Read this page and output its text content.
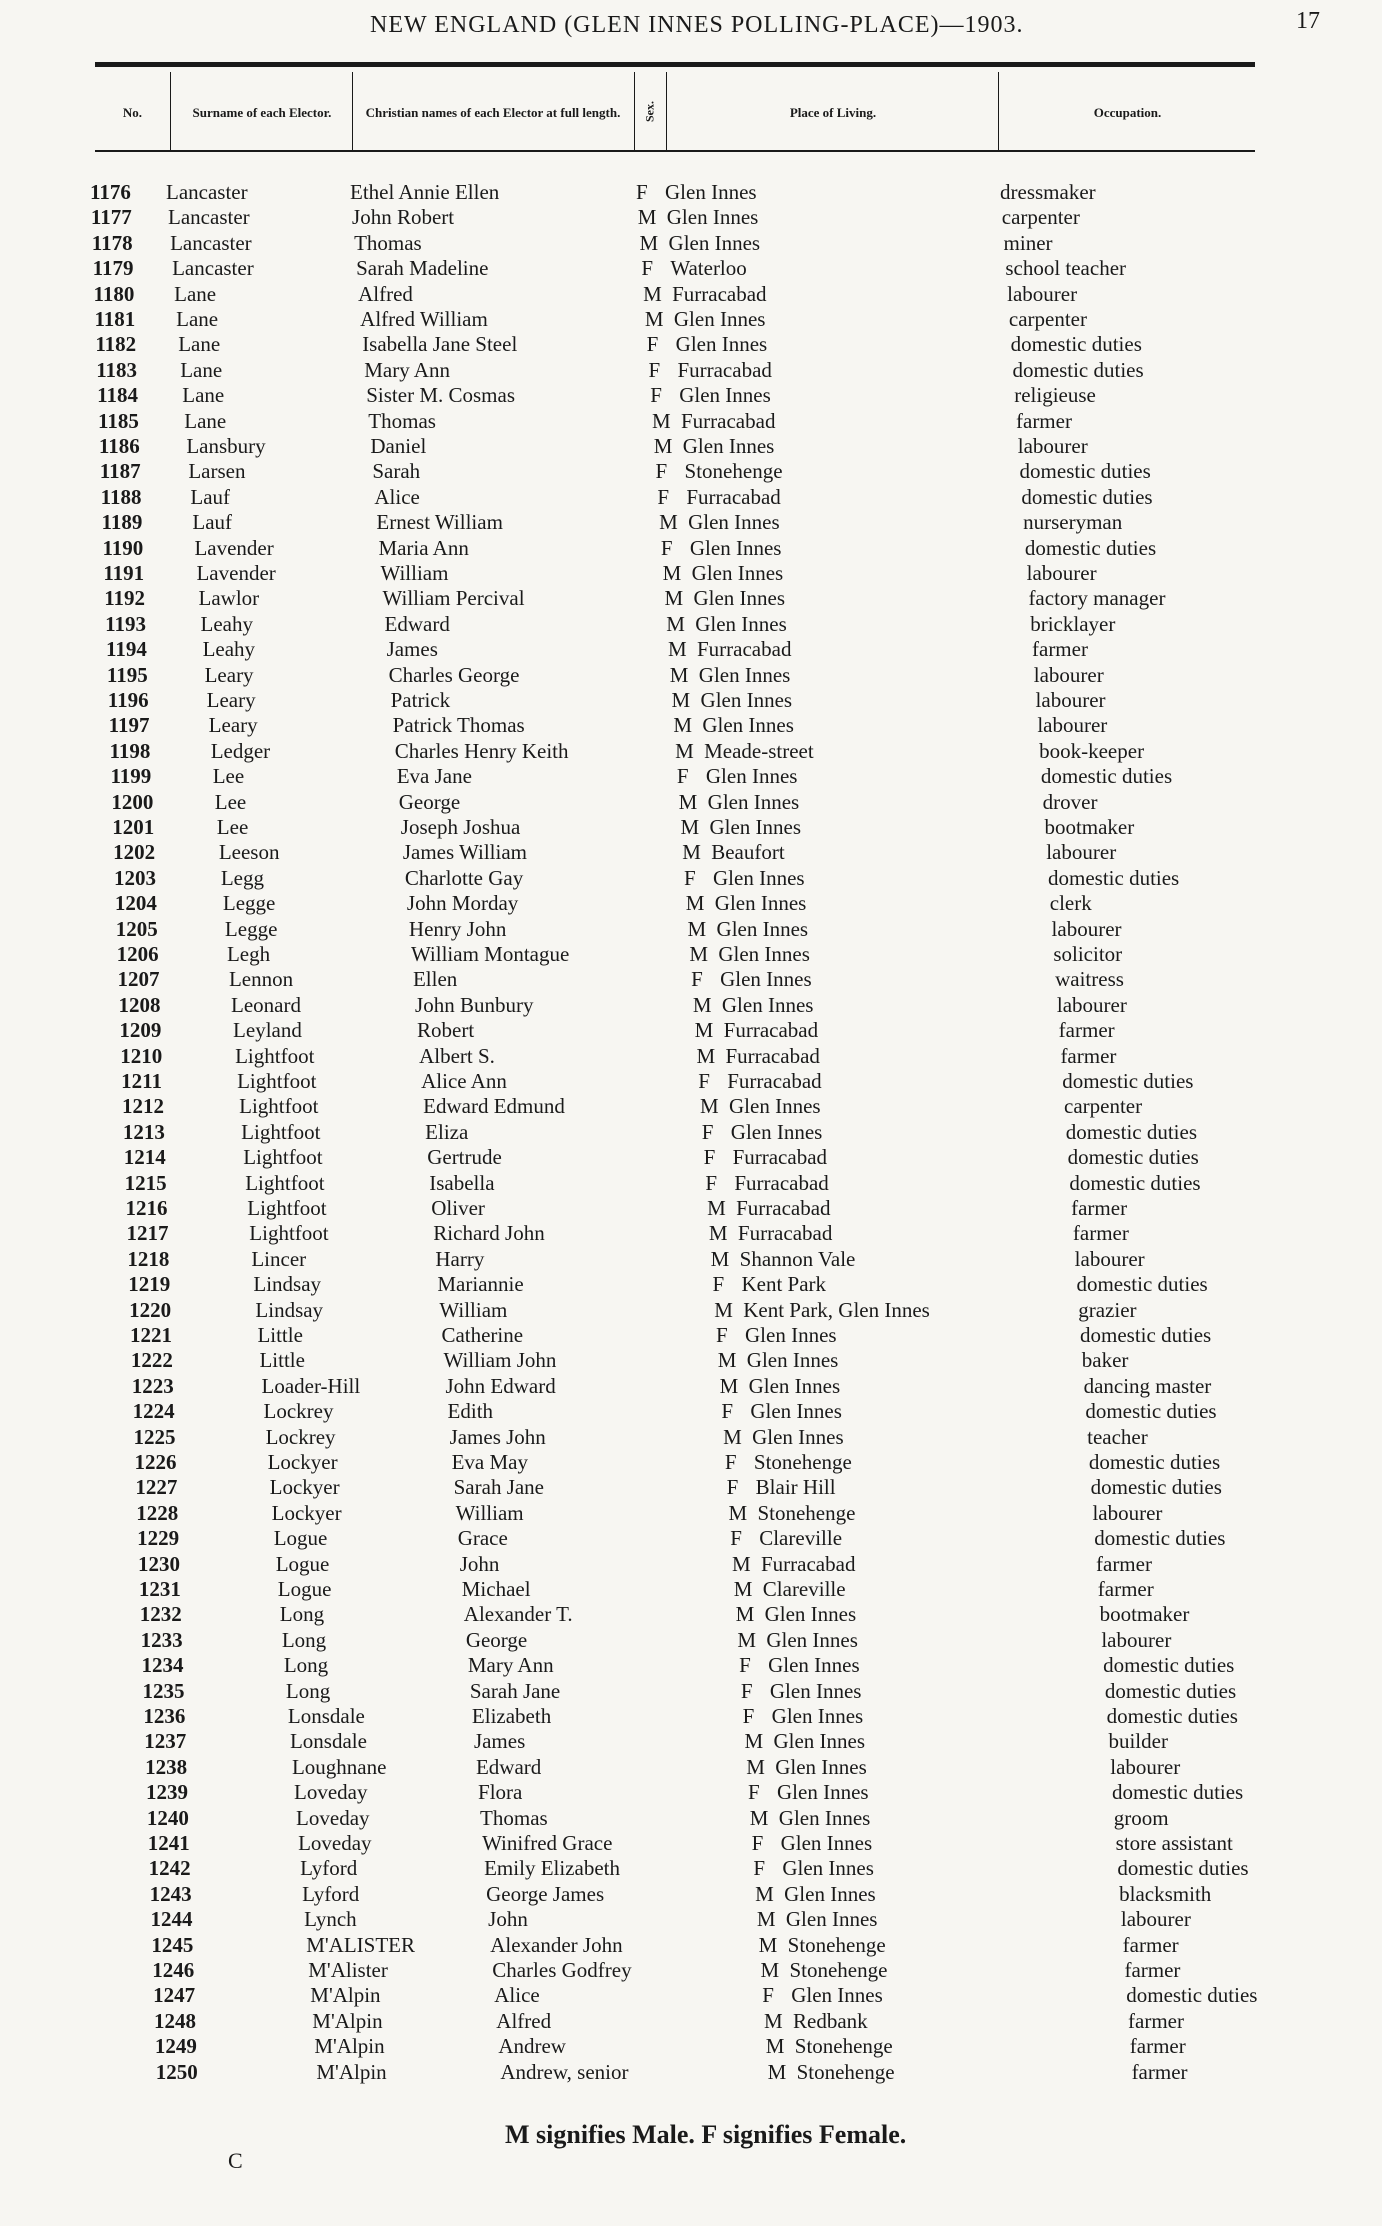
NEW ENGLAND (GLEN INNES POLLING-PLACE)—1903.	17
No.	Surname of each Elector.	Christian names of each Elector at full length.	Sex.	Place of Living.	Occupation.
1176 Lancaster	Ethel Annie Ellen	F Glen Innes	dressmaker
1177 Lancaster	John Robert	M Glen Innes	carpenter
1178 Lancaster	Thomas	M Glen Innes	miner
1179 Lancaster	Sarah Madeline	F Waterloo	school teacher
1180 Lane	Alfred	M Furracabad	labourer
1181 Lane	Alfred William	M Glen Innes	carpenter
1182 Lane	Isabella Jane Steel	F Glen Innes	domestic duties
1183 Lane	Mary Ann	F Furracabad	domestic duties
1184 Lane	Sister M. Cosmas	F Glen Innes	religieuse
1185 Lane	Thomas	M Furracabad	farmer
1186 Lansbury	Daniel	M Glen Innes	labourer
1187 Larsen	Sarah	F Stonehenge	domestic duties
1188 Lauf	Alice	F Furracabad	domestic duties
1189 Lauf	Ernest William	M Glen Innes	nurseryman
1190 Lavender	Maria Ann	F Glen Innes	domestic duties
1191 Lavender	William	M Glen Innes	labourer
1192	Lawlor	William Percival	M Glen Innes	factory manager
1193	Leahy	Edward	M Glen Innes	bricklayer
1194	Leahy	James	M Furracabad	farmer
1195	Leary	Charles George	M Glen Innes	labourer
1196	Leary	Patrick	M Glen Innes	labourer
1197	Leary	Patrick Thomas	M Glen Innes	labourer
1198	Ledger	Charles Henry Keith	M Meade-street	book-keeper
1199	Lee	Eva Jane	F Glen Innes	domestic duties
1200	Lee	George	M Glen Innes	drover
1201	Lee	Joseph Joshua	M Glen Innes	bootmaker
1202	Leeson	James William	M Beaufort	labourer
1203	Legg	Charlotte Gay	F Glen Innes	domestic duties
1204	Legge	John Morday	M Glen Innes	clerk
1205	Legge	Henry John	M Glen Innes	labourer
1206	Legh	William Montague	M Glen Innes	solicitor
1207	Lennon	Ellen	F Glen Innes	waitress
1208	Leonard	John Bunbury	M Glen Innes	labourer
1209	Leyland	Robert	M Furracabad	farmer
1210	Lightfoot	Albert S.	M Furracabad	farmer
1211	Lightfoot	Alice Ann	F Furracabad	domestic duties
1212	Lightfoot	Edward Edmund	M Glen Innes	carpenter
1213	Lightfoot	Eliza	F Glen Innes	domestic duties
1214	Lightfoot	Gertrude	F Furracabad	domestic duties
1215	Lightfoot	Isabella	F Furracabad	domestic duties
1216	Lightfoot	Oliver	M Furracabad	farmer
1217	Lightfoot	Richard John	M Furracabad	farmer
1218	Lincer	Harry	M Shannon Vale	labourer
1219	Lindsay	Mariannie	F Kent Park	domestic duties
1220	Lindsay	William	M Kent Park, Glen Innes	grazier
1221	Little	Catherine	F Glen Innes	domestic duties
1222	Little	William John	M Glen Innes	baker
1223	Loader-Hill	John Edward	M Glen Innes	dancing master
1224	Lockrey	Edith	F Glen Innes	domestic duties
1225	Lockrey	James John	M Glen Innes	teacher
1226	Lockyer	Eva May	F Stonehenge	domestic duties
1227	Lockyer	Sarah Jane	F Blair Hill	domestic duties
1228	Lockyer	William	M Stonehenge	labourer
1229	Logue	Grace	F Clareville	domestic duties
1230	Logue	John	M Furracabad	farmer
1231	Logue	Michael	M Clareville	farmer
1232	Long	Alexander T.	M Glen Innes	bootmaker
1233	Long	George	M Glen Innes	labourer
1234	Long	Mary Ann	F Glen Innes	domestic duties
1235	Long	Sarah Jane	F Glen Innes	domestic duties
1236	Lonsdale	Elizabeth	F Glen Innes	domestic duties
1237	Lonsdale	James	M Glen Innes	builder
1238	Loughnane	Edward	M Glen Innes	labourer
1239	Loveday	Flora	F Glen Innes	domestic duties
1240	Loveday	Thomas	M Glen Innes	groom
1241	Loveday	Winifred Grace	F Glen Innes	store assistant
1242	Lyford	Emily Elizabeth	F Glen Innes	domestic duties
1243	Lyford	George James	M Glen Innes	blacksmith
1244	Lynch	John	M Glen Innes	labourer
1245	M'ALISTER	Alexander John	M Stonehenge	farmer
1246	M'Alister	Charles Godfrey	M Stonehenge	farmer
1247	M'Alpin	Alice	F Glen Innes	domestic duties
1248	M'Alpin	Alfred	M Redbank	farmer
1249	M'Alpin	Andrew	M Stonehenge	farmer
1250	M'Alpin	Andrew, senior	M Stonehenge	farmer
M signifies Male. F signifies Female.
C
